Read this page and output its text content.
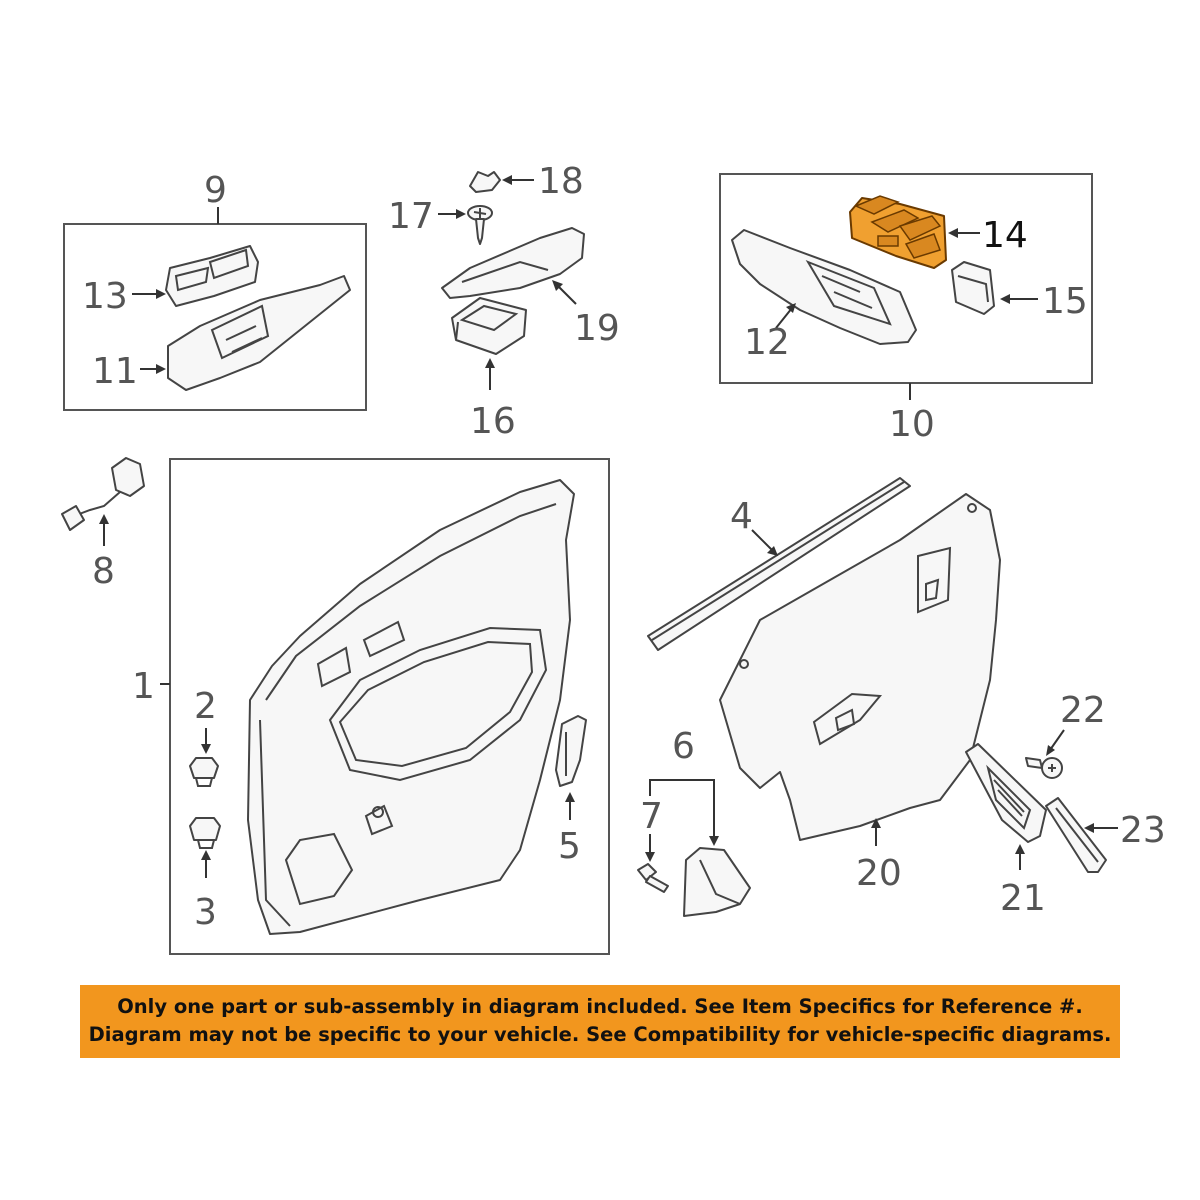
9
13
11
18
17
19
16	10
14
15
12
8
1 2
3
5
4
20
6
7
22
21
23
Only one part or sub-assembly in diagram included. See Item Specifics for Reference #.
Diagram may not be specific to your vehicle. See Compatibility for vehicle-specific diagrams.
